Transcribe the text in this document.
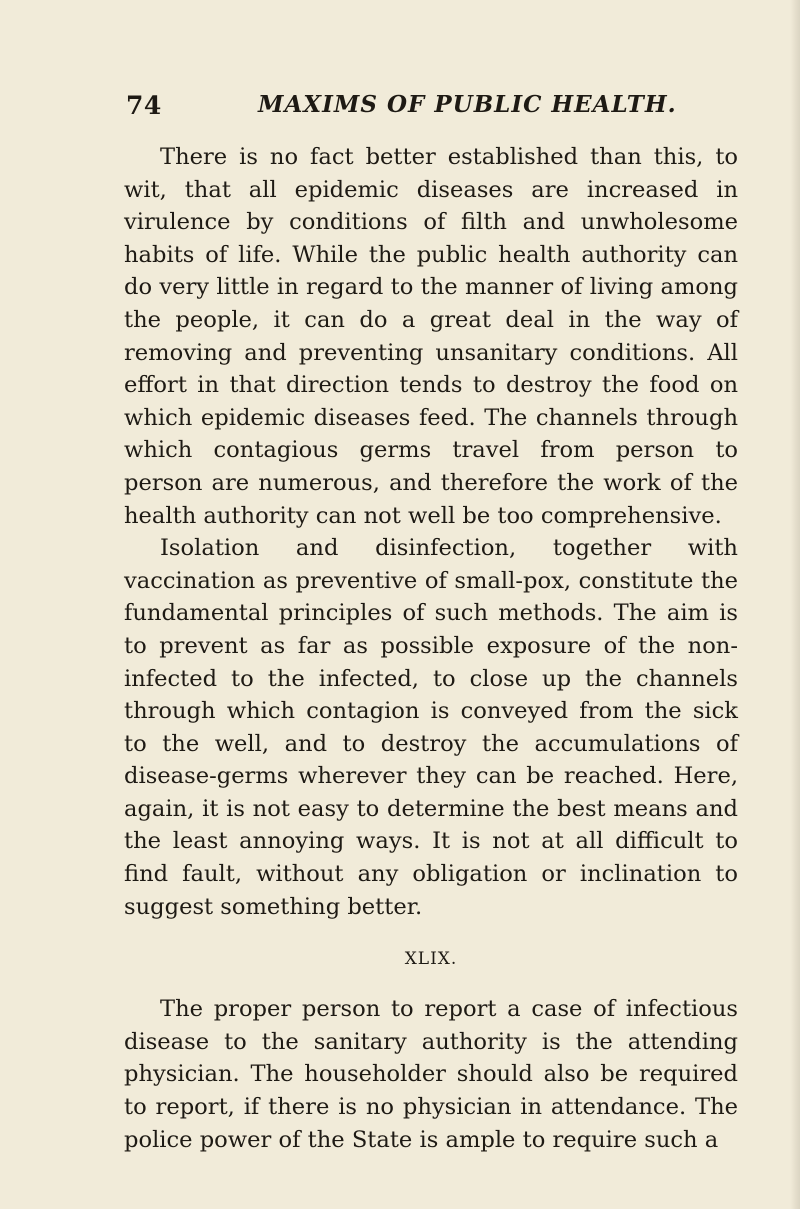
74	MAXIMS OF PUBLIC HEALTH.

There is no fact better established than this, to wit, that all epidemic diseases are increased in virulence by conditions of filth and unwholesome habits of life. While the public health authority can do very little in regard to the manner of living among the people, it can do a great deal in the way of removing and preventing unsanitary conditions. All effort in that direction tends to destroy the food on which epidemic diseases feed. The channels through which contagious germs travel from person to person are numerous, and therefore the work of the health authority can not well be too comprehensive.

Isolation and disinfection, together with vaccination as preventive of small-pox, constitute the fundamental principles of such methods. The aim is to prevent as far as possible exposure of the non-infected to the infected, to close up the channels through which contagion is conveyed from the sick to the well, and to destroy the accumulations of disease-germs wherever they can be reached. Here, again, it is not easy to determine the best means and the least annoying ways. It is not at all difficult to find fault, without any obligation or inclination to suggest something better.

XLIX.

The proper person to report a case of infectious disease to the sanitary authority is the attending physician. The householder should also be required to report, if there is no physician in attendance. The police power of the State is ample to require such a
